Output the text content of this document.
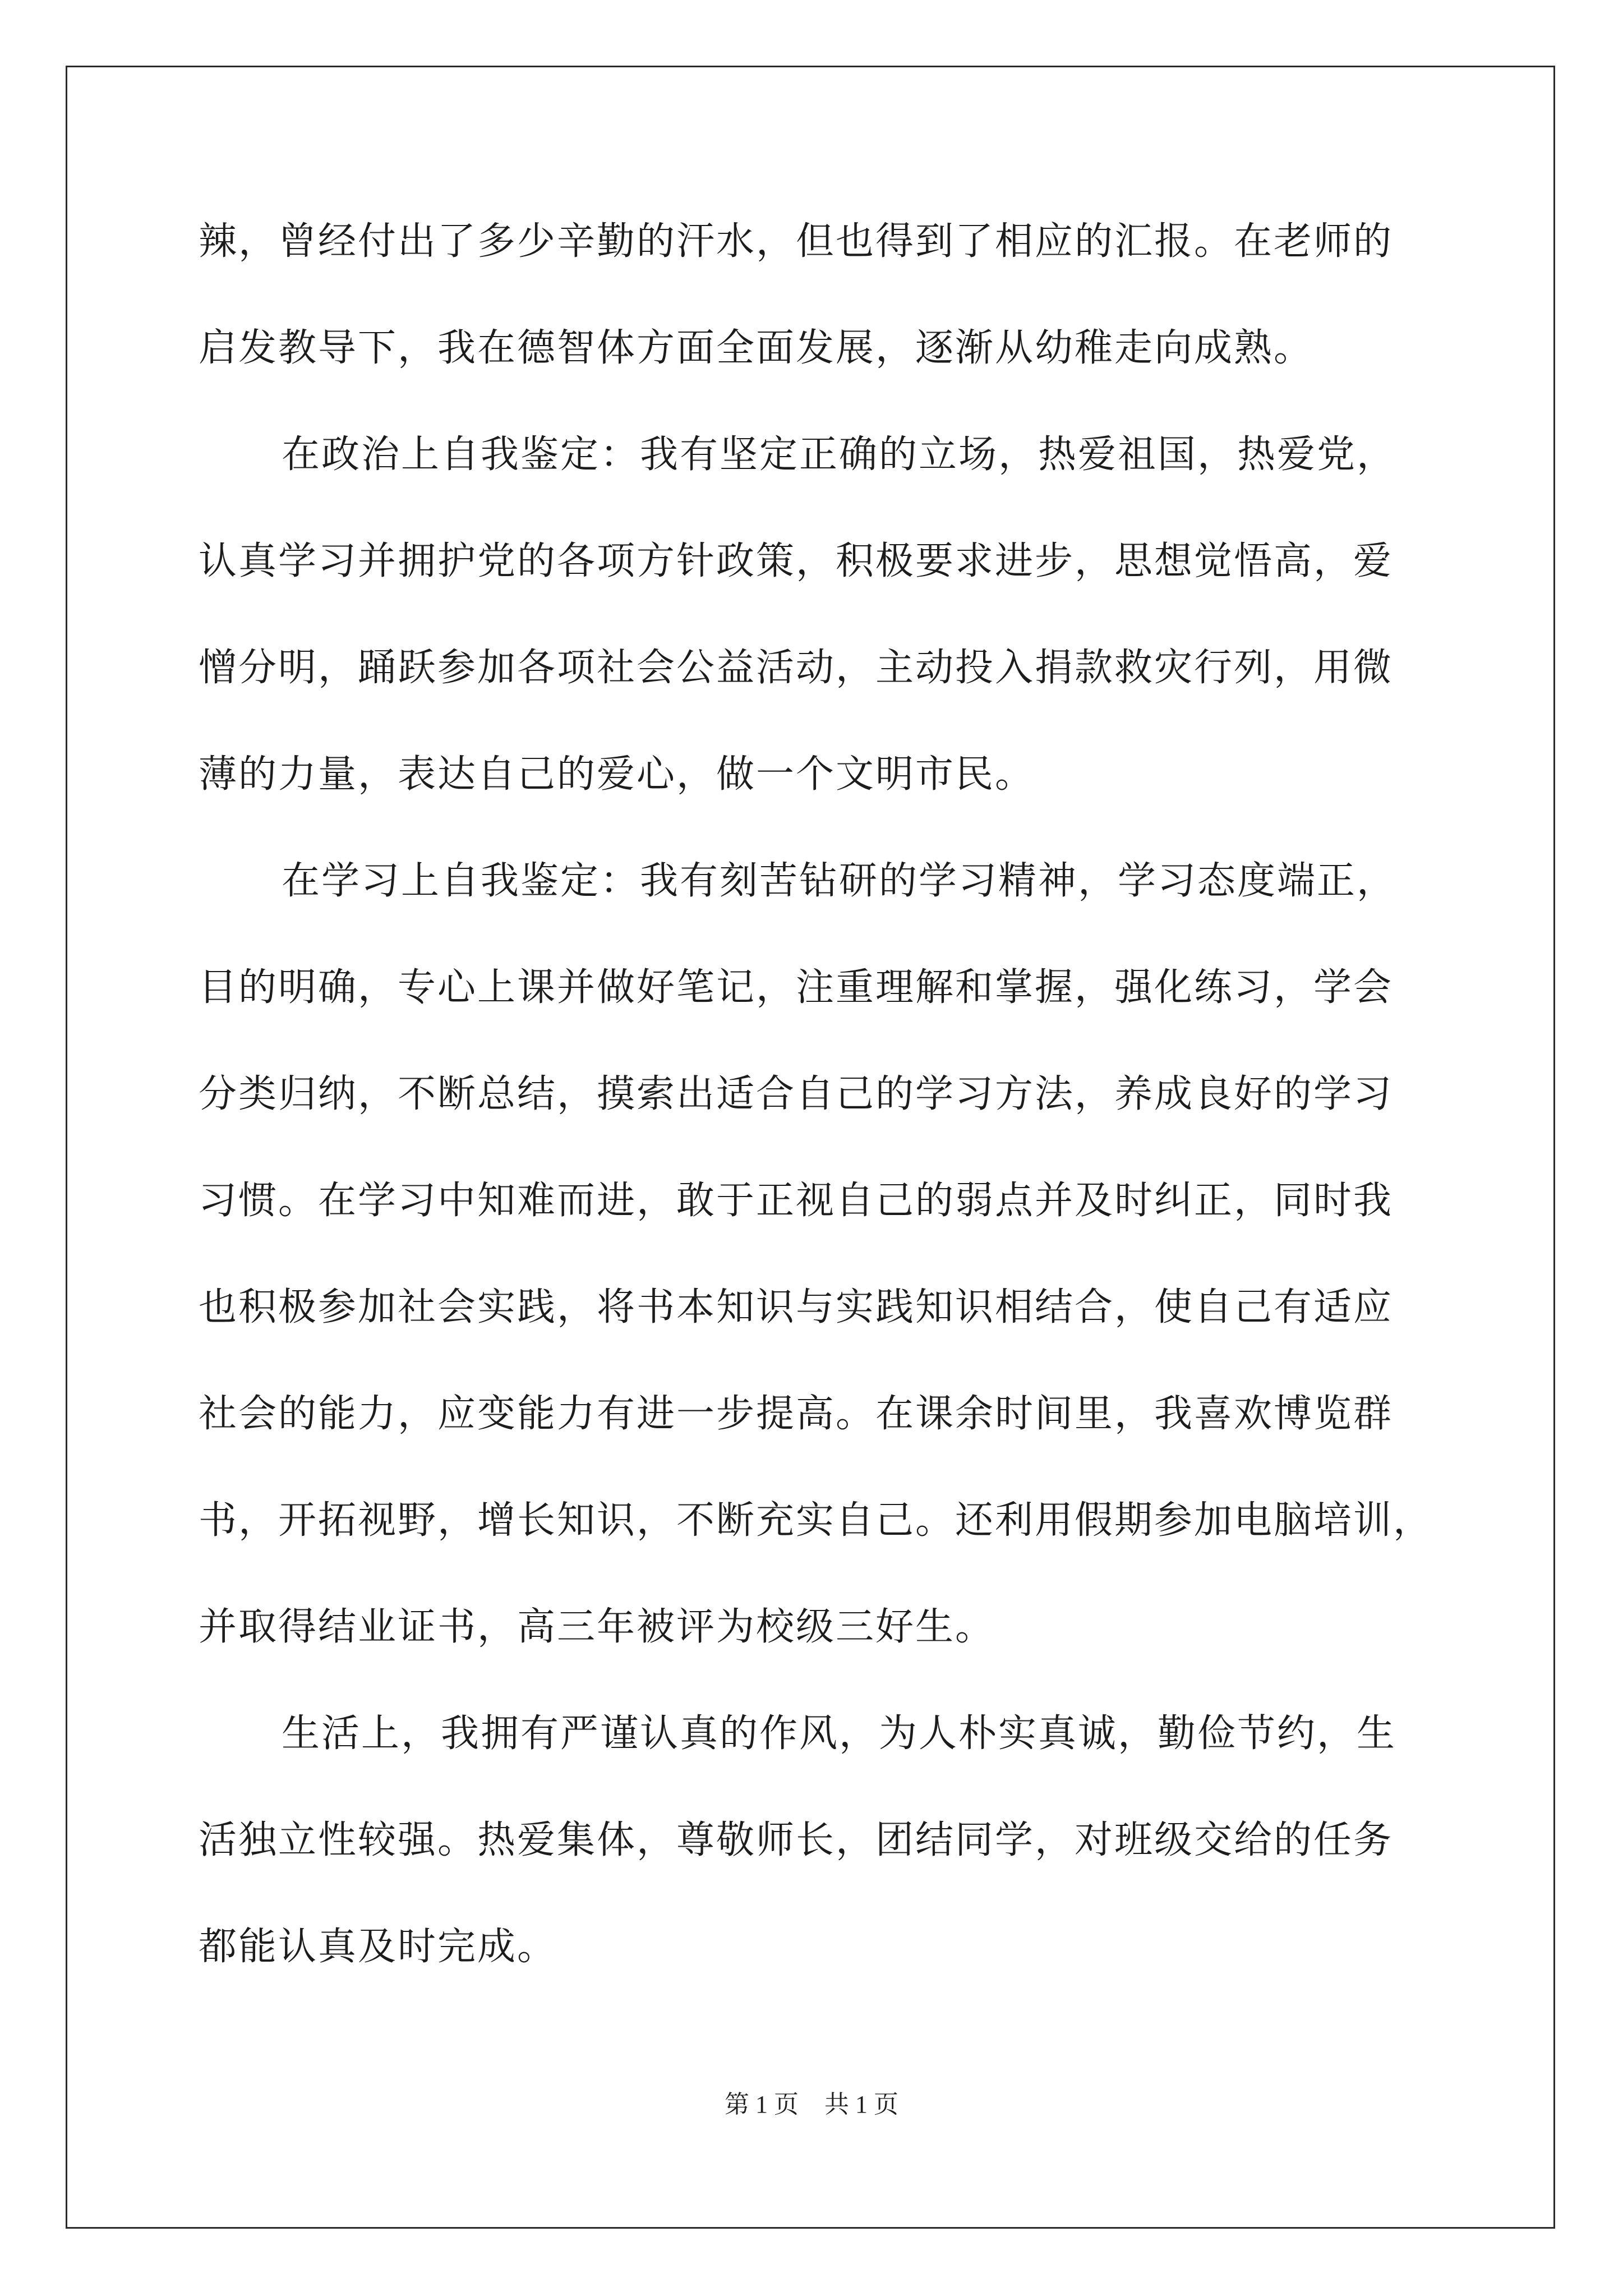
辣，曾经付出了多少辛勤的汗水，但也得到了相应的汇报。在老师的
启发教导下，我在德智体方面全面发展，逐渐从幼稚走向成熟。
在政治上自我鉴定：我有坚定正确的立场，热爱祖国，热爱党，
认真学习并拥护党的各项方针政策，积极要求进步，思想觉悟高，爱
憎分明，踊跃参加各项社会公益活动，主动投入捐款救灾行列，用微
薄的力量，表达自己的爱心，做一个文明市民。
在学习上自我鉴定：我有刻苦钻研的学习精神，学习态度端正，
目的明确，专心上课并做好笔记，注重理解和掌握，强化练习，学会
分类归纳，不断总结，摸索出适合自己的学习方法，养成良好的学习
习惯。在学习中知难而进，敢于正视自己的弱点并及时纠正，同时我
也积极参加社会实践，将书本知识与实践知识相结合，使自己有适应
社会的能力，应变能力有进一步提高。在课余时间里，我喜欢博览群
书，开拓视野，增长知识，不断充实自己。还利用假期参加电脑培训，
并取得结业证书，高三年被评为校级三好生。
生活上，我拥有严谨认真的作风，为人朴实真诚，勤俭节约，生
活独立性较强。热爱集体，尊敬师长，团结同学，对班级交给的任务
都能认真及时完成。
第 1 页 共 1 页
